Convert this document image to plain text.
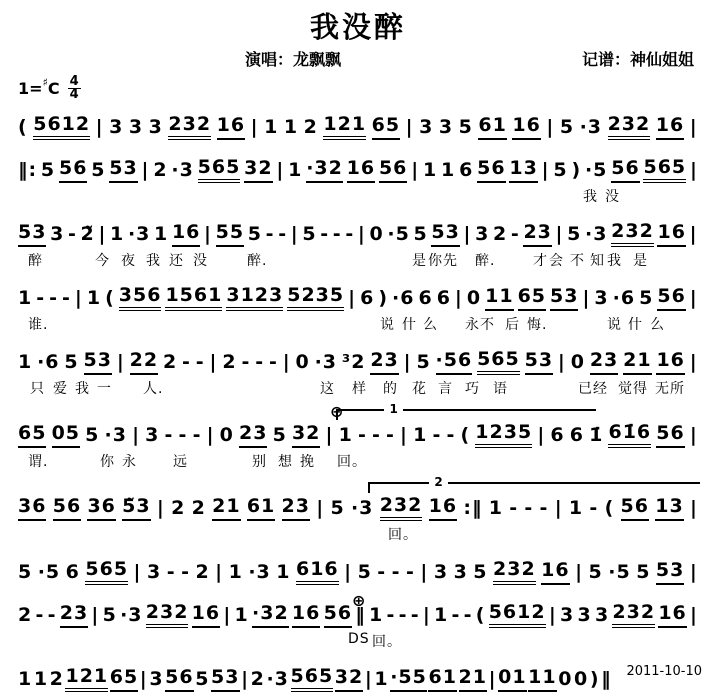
我没醉
演唱：龙飘飘	记谱：神仙姐姐
1= ♯ C $\frac{4}{4}$
( 5612 | 3 3 3 232 16 | 1 1 2 121 65 | 3 3 5 61 16 | 5 ·3 232 16 |
‖: 5 56 5 53 | 2 ·3 565 32 | 1 ·32 16 56 | 1 1 6 56 13 | 5 ) ·5 56 565 |
我 没
53 3 - 2̃ | 1 ·3 1 16 | 55 5 - - | 5 - - - | 0 ·5 5 53 | 3 2 - 23 | 5 ·3 232 16 |
醉	今 夜 我 还 没	醉.	是 你 先 醉.	才 会 不 知 我 是
1 - - - | 1 ( 356 1561 3123 5235 | 6 ) ·6 6 6 | 0 11 65 53 | 3 ·6 5 56 |
谁.	说 什 么 永不 后 悔.	说 什 么
1 ·6 5 53 | 22 2 - - | 2 - - - | 0 ·3 ³2 23 | 5 ·56 565 53 | 0 23 21 16 |
只 爱 我 一 人.	这 样 的 花 言 巧 语	已经 觉得 无所
1
⊕
65 05 5 ·3 | 3 - - - | 0 23 5 32 | 1 - - - | 1 - - ( 1235 | 6 6 1̇ 61̇6 56 |
谓.	你 永	远	别 想 挽 回。
2
36 56 36 5̃3 | 2 2 21 61 23 | 5 ·3 232 16 :‖ 1 - - - | 1 - ( 56 13 |
回。
5 ·5 6 565 | 3 - - 2 | 1 ·3 1 616 | 5 - - - | 3 3 5 232 16 | 5 ·5 5 53 |
⊕
2 - - 23 | 5 ·3 232 16 | 1 ·32 16 56 ‖ 1 - - - | 1 - - ( 5612 | 3 3 3 232 16 |
DS 回。
1 1 2 121 65 | 3 56 5 53 | 2 ·3 565 32 | 1 ·55 61 21 | 01 11 0 0 ) ‖ 2011-10-10
